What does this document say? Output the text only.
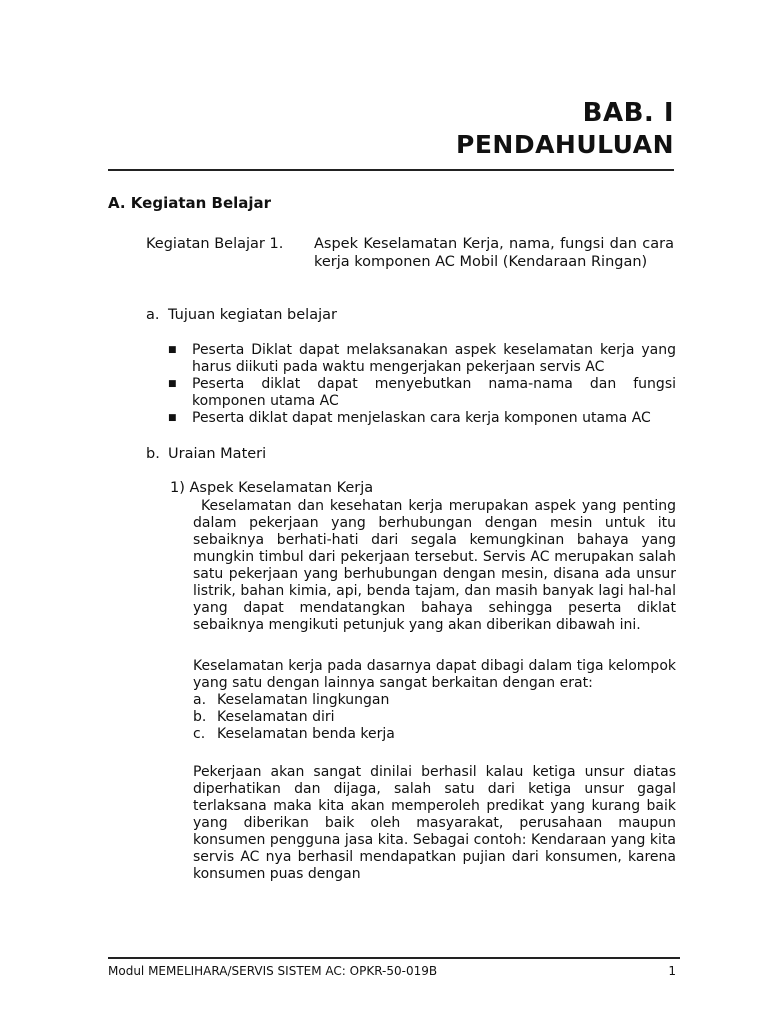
BAB. I
PENDAHULUAN
A. Kegiatan Belajar
Kegiatan Belajar 1. Aspek Keselamatan Kerja, nama, fungsi dan cara kerja komponen AC Mobil (Kendaraan Ringan)
a. Tujuan kegiatan belajar
■ Peserta Diklat dapat melaksanakan aspek keselamatan kerja yang harus diikuti pada waktu mengerjakan pekerjaan servis AC
■ Peserta diklat dapat menyebutkan nama-nama dan fungsi komponen utama AC
■ Peserta diklat dapat menjelaskan cara kerja komponen utama AC
b. Uraian Materi
1) Aspek Keselamatan Kerja
Keselamatan dan kesehatan kerja merupakan aspek yang penting dalam pekerjaan yang berhubungan dengan mesin untuk itu sebaiknya berhati-hati dari segala kemungkinan bahaya yang mungkin timbul dari pekerjaan tersebut. Servis AC merupakan salah satu pekerjaan yang berhubungan dengan mesin, disana ada unsur listrik, bahan kimia, api, benda tajam, dan masih banyak lagi hal-hal yang dapat mendatangkan bahaya sehingga peserta diklat sebaiknya mengikuti petunjuk yang akan diberikan dibawah ini.
Keselamatan kerja pada dasarnya dapat dibagi dalam tiga kelompok yang satu dengan lainnya sangat berkaitan dengan erat:
a. Keselamatan lingkungan
b. Keselamatan diri
c. Keselamatan benda kerja
Pekerjaan akan sangat dinilai berhasil kalau ketiga unsur diatas diperhatikan dan dijaga, salah satu dari ketiga unsur gagal terlaksana maka kita akan memperoleh predikat yang kurang baik yang diberikan baik oleh masyarakat, perusahaan maupun konsumen pengguna jasa kita. Sebagai contoh: Kendaraan yang kita servis AC nya berhasil mendapatkan pujian dari konsumen, karena konsumen puas dengan
Modul MEMELIHARA/SERVIS SISTEM AC: OPKR-50-019B	1
